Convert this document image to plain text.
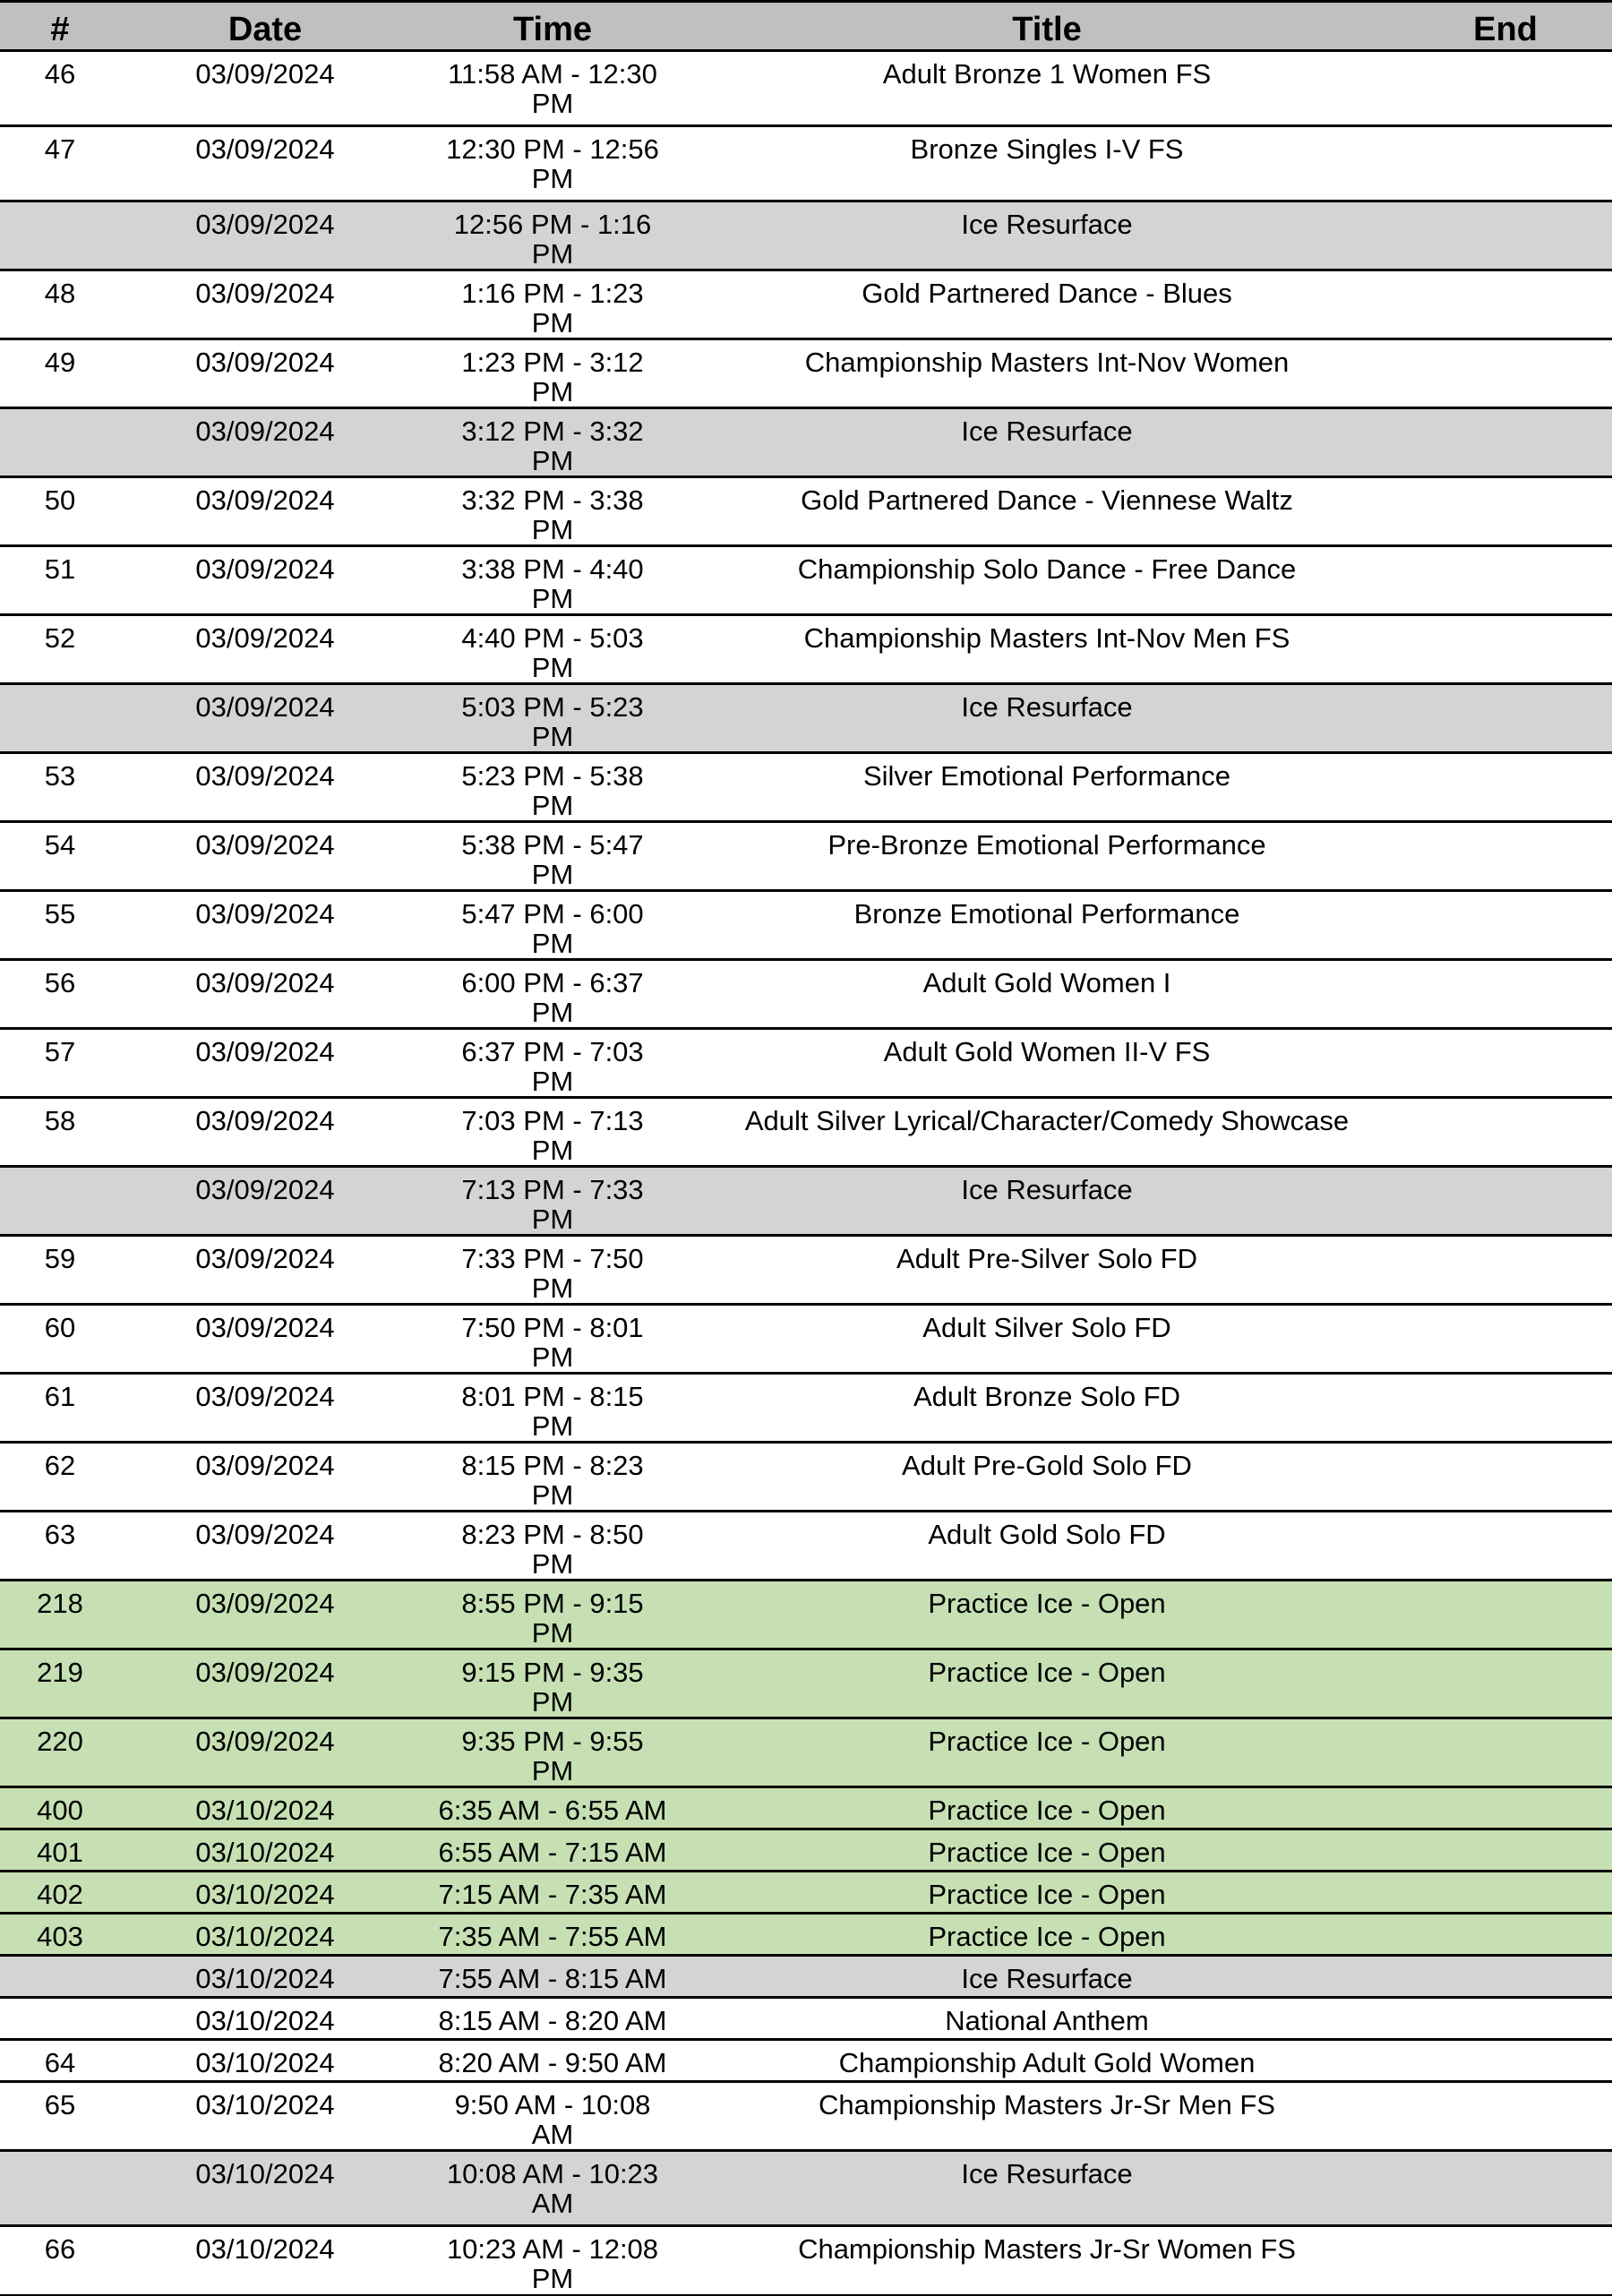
#	Date	Time	Title	End
46	03/09/2024	11:58 AM - 12:30 PM	Adult Bronze 1 Women FS	
47	03/09/2024	12:30 PM - 12:56 PM	Bronze Singles I-V FS	
	03/09/2024	12:56 PM - 1:16 PM	Ice Resurface	
48	03/09/2024	1:16 PM - 1:23 PM	Gold Partnered Dance - Blues	
49	03/09/2024	1:23 PM - 3:12 PM	Championship Masters Int-Nov Women	
	03/09/2024	3:12 PM - 3:32 PM	Ice Resurface	
50	03/09/2024	3:32 PM - 3:38 PM	Gold Partnered Dance - Viennese Waltz	
51	03/09/2024	3:38 PM - 4:40 PM	Championship Solo Dance - Free Dance	
52	03/09/2024	4:40 PM - 5:03 PM	Championship Masters Int-Nov Men FS	
	03/09/2024	5:03 PM - 5:23 PM	Ice Resurface	
53	03/09/2024	5:23 PM - 5:38 PM	Silver Emotional Performance	
54	03/09/2024	5:38 PM - 5:47 PM	Pre-Bronze Emotional Performance	
55	03/09/2024	5:47 PM - 6:00 PM	Bronze Emotional Performance	
56	03/09/2024	6:00 PM - 6:37 PM	Adult Gold Women I	
57	03/09/2024	6:37 PM - 7:03 PM	Adult Gold Women II-V FS	
58	03/09/2024	7:03 PM - 7:13 PM	Adult Silver Lyrical/Character/Comedy Showcase	
	03/09/2024	7:13 PM - 7:33 PM	Ice Resurface	
59	03/09/2024	7:33 PM - 7:50 PM	Adult Pre-Silver Solo FD	
60	03/09/2024	7:50 PM - 8:01 PM	Adult Silver Solo FD	
61	03/09/2024	8:01 PM - 8:15 PM	Adult Bronze Solo FD	
62	03/09/2024	8:15 PM - 8:23 PM	Adult Pre-Gold Solo FD	
63	03/09/2024	8:23 PM - 8:50 PM	Adult Gold Solo FD	
218	03/09/2024	8:55 PM - 9:15 PM	Practice Ice - Open	
219	03/09/2024	9:15 PM - 9:35 PM	Practice Ice - Open	
220	03/09/2024	9:35 PM - 9:55 PM	Practice Ice - Open	
400	03/10/2024	6:35 AM - 6:55 AM	Practice Ice - Open	
401	03/10/2024	6:55 AM - 7:15 AM	Practice Ice - Open	
402	03/10/2024	7:15 AM - 7:35 AM	Practice Ice - Open	
403	03/10/2024	7:35 AM - 7:55 AM	Practice Ice - Open	
	03/10/2024	7:55 AM - 8:15 AM	Ice Resurface	
	03/10/2024	8:15 AM - 8:20 AM	National Anthem	
64	03/10/2024	8:20 AM - 9:50 AM	Championship Adult Gold Women	
65	03/10/2024	9:50 AM - 10:08 AM	Championship Masters Jr-Sr Men FS	
	03/10/2024	10:08 AM - 10:23 AM	Ice Resurface	
66	03/10/2024	10:23 AM - 12:08 PM	Championship Masters Jr-Sr Women FS	
